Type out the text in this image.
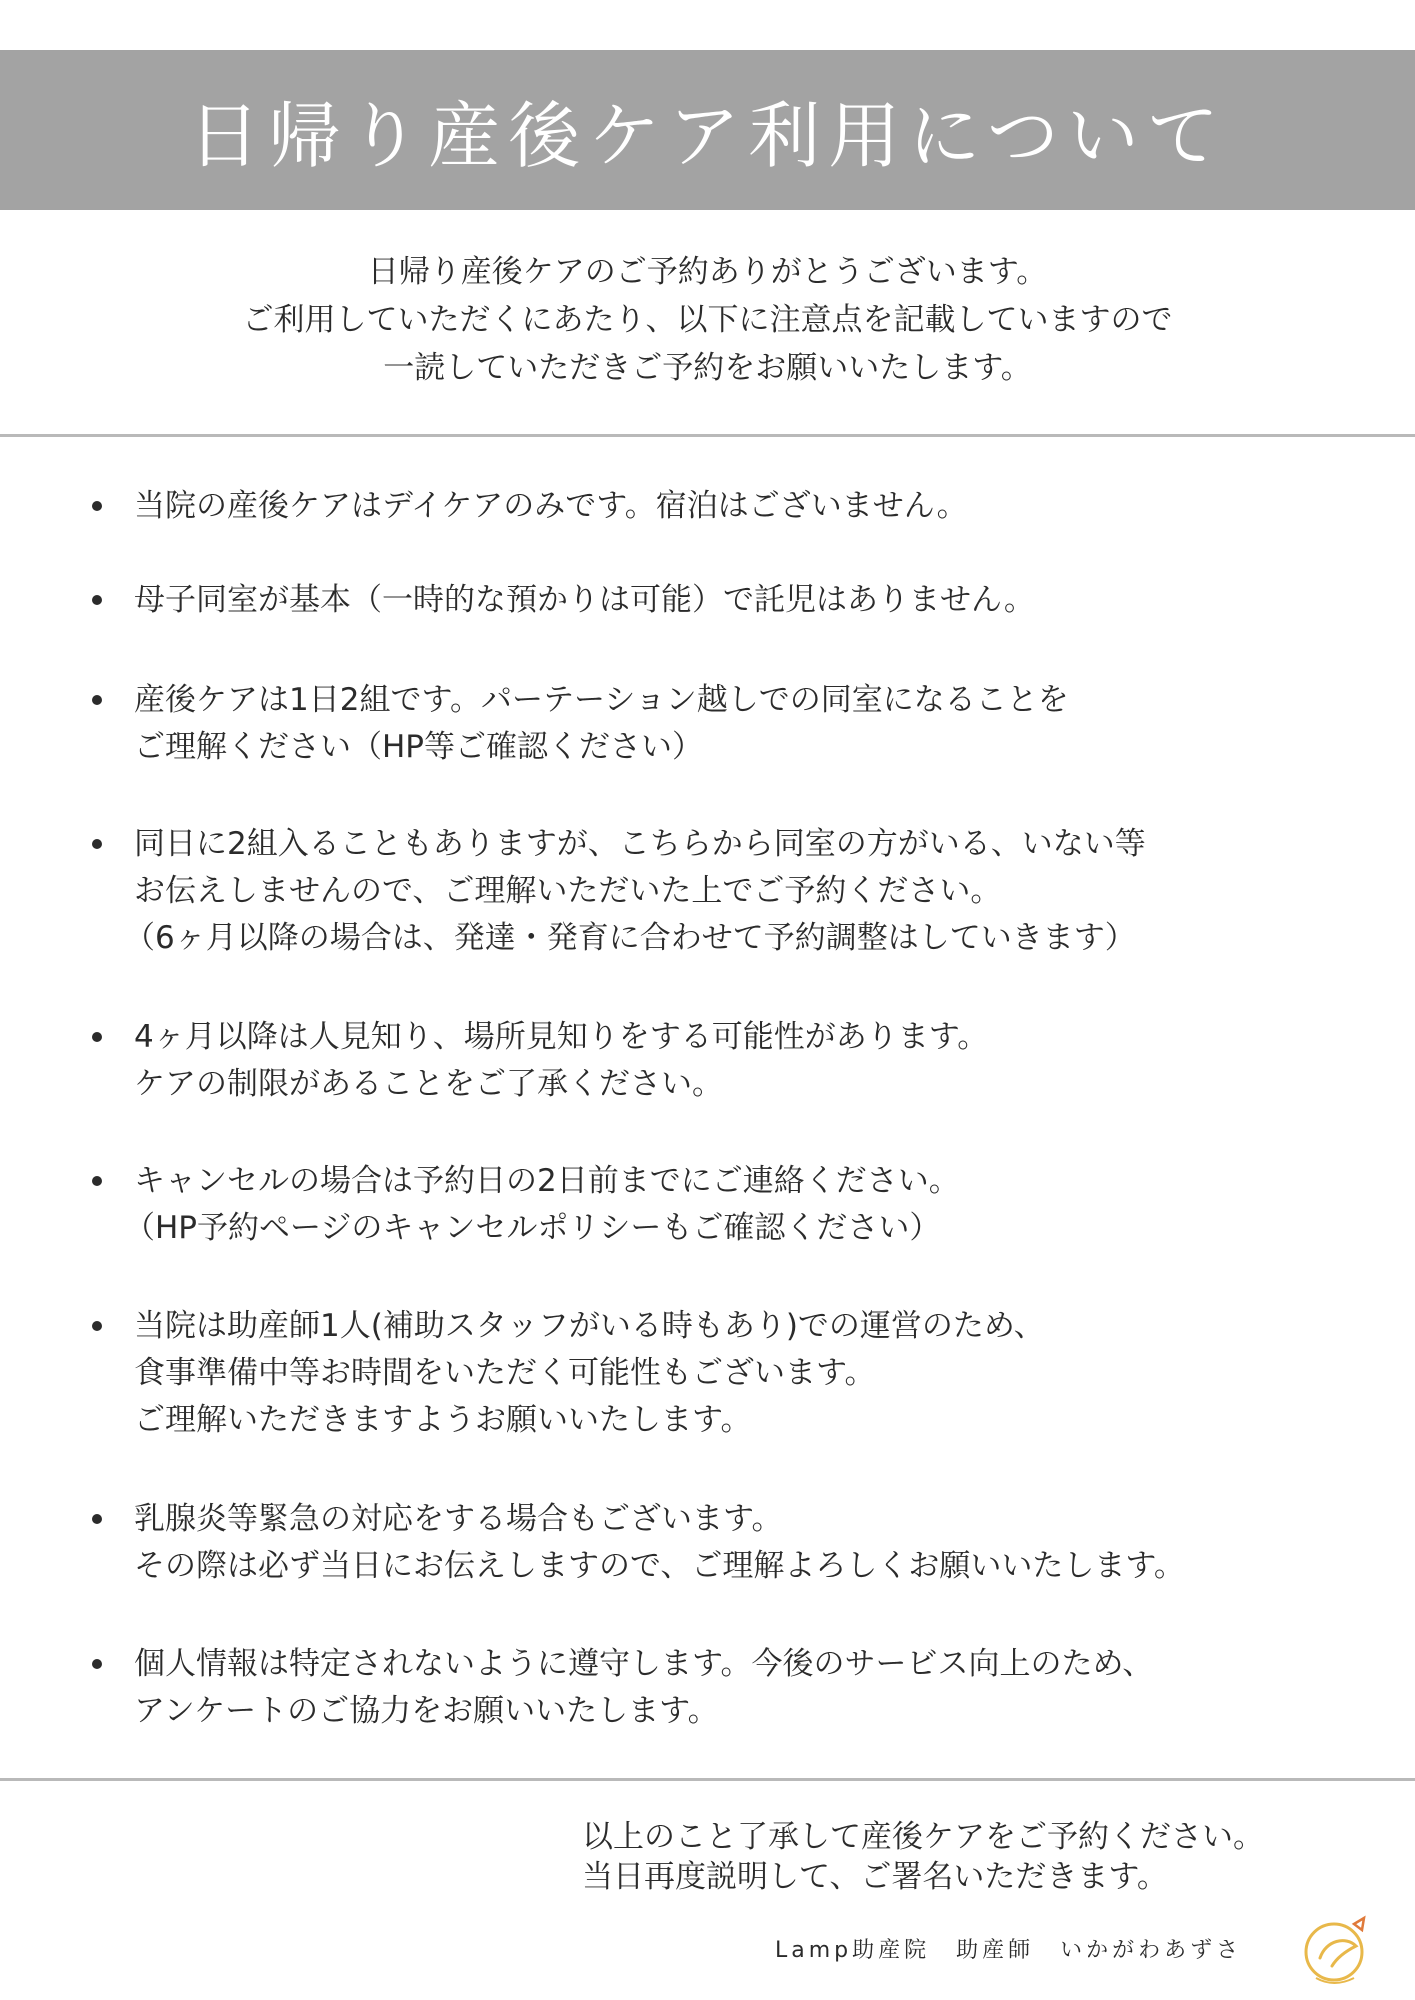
日帰り産後ケア利用について

日帰り産後ケアのご予約ありがとうございます。

ご利用していただくにあたり、以下に注意点を記載していますので

一読していただきご予約をお願いいたします。

当院の産後ケアはデイケアのみです。宿泊はございません。

母子同室が基本（一時的な預かりは可能）で託児はありません。

産後ケアは1日2組です。パーテーション越しでの同室になることを

ご理解ください（HP等ご確認ください）

同日に2組入ることもありますが、こちらから同室の方がいる、いない等

お伝えしませんので、ご理解いただいた上でご予約ください。

（6ヶ月以降の場合は、発達・発育に合わせて予約調整はしていきます）

4ヶ月以降は人見知り、場所見知りをする可能性があります。

ケアの制限があることをご了承ください。

キャンセルの場合は予約日の2日前までにご連絡ください。

（HP予約ページのキャンセルポリシーもご確認ください）

当院は助産師1人(補助スタッフがいる時もあり)での運営のため、

食事準備中等お時間をいただく可能性もございます。

ご理解いただきますようお願いいたします。

乳腺炎等緊急の対応をする場合もございます。

その際は必ず当日にお伝えしますので、ご理解よろしくお願いいたします。

個人情報は特定されないように遵守します。今後のサービス向上のため、

アンケートのご協力をお願いいたします。

以上のこと了承して産後ケアをご予約ください。

当日再度説明して、ご署名いただきます。

Lamp助産院　助産師　いかがわあずさ
